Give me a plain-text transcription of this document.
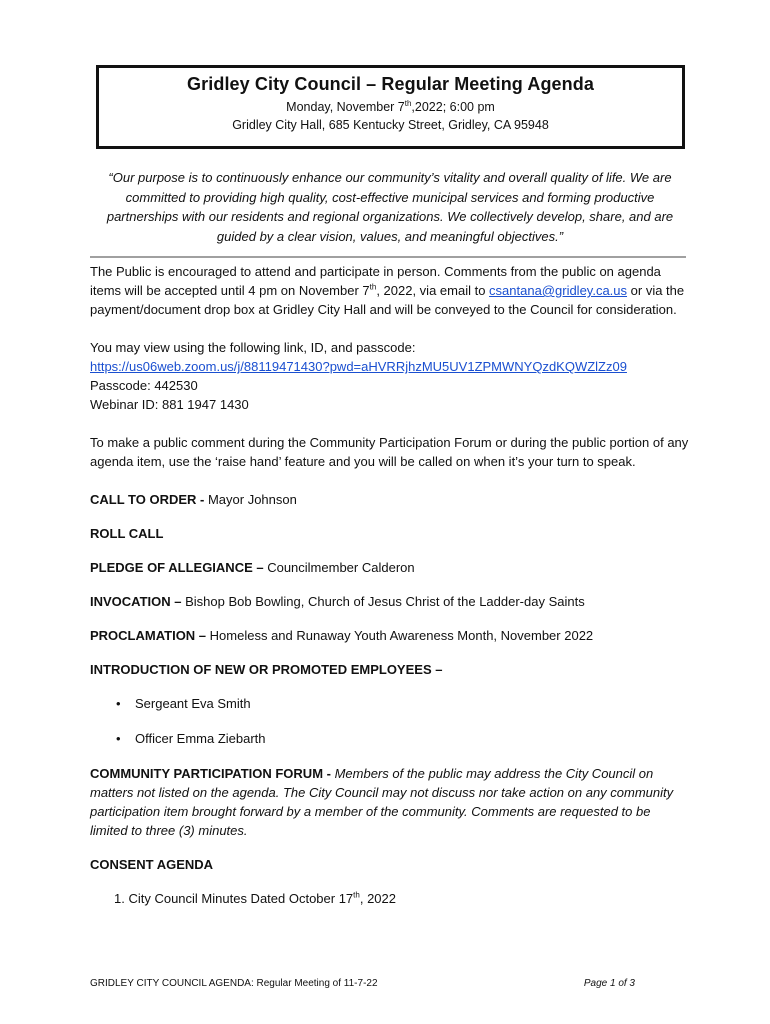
Gridley City Council – Regular Meeting Agenda
Monday, November 7th,2022; 6:00 pm
Gridley City Hall, 685 Kentucky Street, Gridley, CA 95948
“Our purpose is to continuously enhance our community’s vitality and overall quality of life. We are committed to providing high quality, cost-effective municipal services and forming productive partnerships with our residents and regional organizations. We collectively develop, share, and are guided by a clear vision, values, and meaningful objectives.”

The Public is encouraged to attend and participate in person. Comments from the public on agenda items will be accepted until 4 pm on November 7th, 2022, via email to csantana@gridley.ca.us or via the payment/document drop box at Gridley City Hall and will be conveyed to the Council for consideration.

You may view using the following link, ID, and passcode:
https://us06web.zoom.us/j/88119471430?pwd=aHVRRjhzMU5UV1ZPMWNYQzdKQWZlZz09
Passcode: 442530
Webinar ID: 881 1947 1430

To make a public comment during the Community Participation Forum or during the public portion of any agenda item, use the ‘raise hand’ feature and you will be called on when it’s your turn to speak.

CALL TO ORDER - Mayor Johnson

ROLL CALL

PLEDGE OF ALLEGIANCE – Councilmember Calderon

INVOCATION – Bishop Bob Bowling, Church of Jesus Christ of the Ladder-day Saints

PROCLAMATION – Homeless and Runaway Youth Awareness Month, November 2022

INTRODUCTION OF NEW OR PROMOTED EMPLOYEES –

• Sergeant Eva Smith
• Officer Emma Ziebarth

COMMUNITY PARTICIPATION FORUM - Members of the public may address the City Council on matters not listed on the agenda. The City Council may not discuss nor take action on any community participation item brought forward by a member of the community. Comments are requested to be limited to three (3) minutes.

CONSENT AGENDA

1. City Council Minutes Dated October 17th, 2022

GRIDLEY CITY COUNCIL AGENDA: Regular Meeting of 11-7-22	Page 1 of 3
